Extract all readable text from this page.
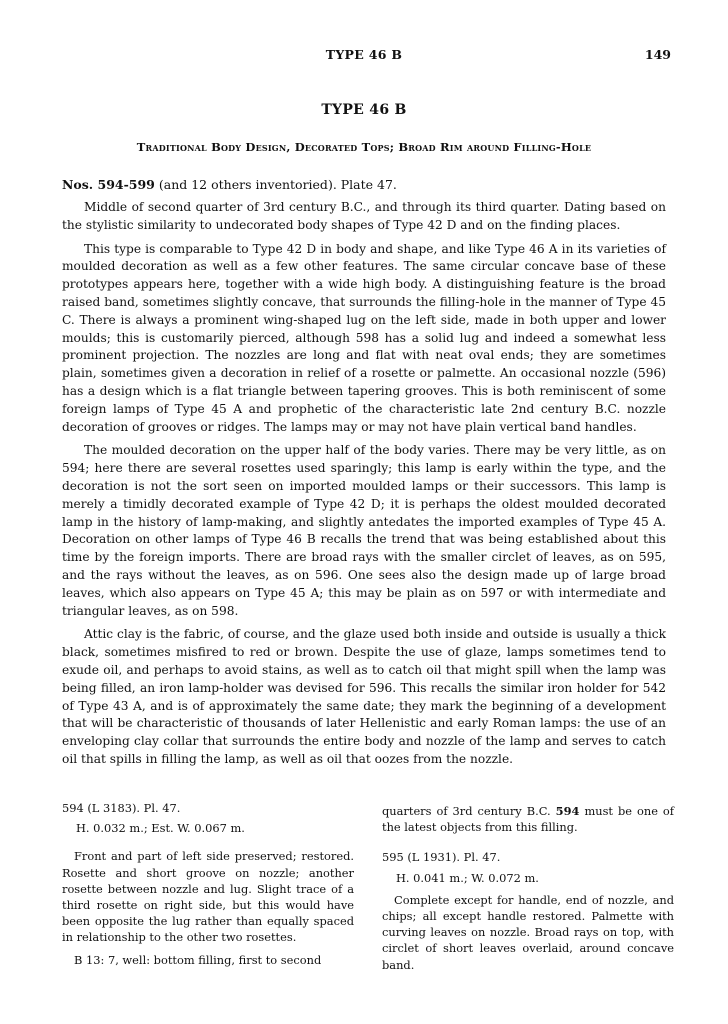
TYPE 46 B	149
TYPE 46 B
Traditional Body Design, Decorated Tops; Broad Rim around Filling-Hole
Nos. 594-599 (and 12 others inventoried). Plate 47.

Middle of second quarter of 3rd century B.C., and through its third quarter. Dating based on the stylistic similarity to undecorated body shapes of Type 42 D and on the finding places.

This type is comparable to Type 42 D in body and shape, and like Type 46 A in its varieties of moulded decoration as well as a few other features. The same circular concave base of these prototypes appears here, together with a wide high body. A distinguishing feature is the broad raised band, sometimes slightly concave, that surrounds the filling-hole in the manner of Type 45 C. There is always a prominent wing-shaped lug on the left side, made in both upper and lower moulds; this is customarily pierced, although 598 has a solid lug and indeed a somewhat less prominent projection. The nozzles are long and flat with neat oval ends; they are sometimes plain, sometimes given a decoration in relief of a rosette or palmette. An occasional nozzle (596) has a design which is a flat triangle between tapering grooves. This is both reminiscent of some foreign lamps of Type 45 A and prophetic of the characteristic late 2nd century B.C. nozzle decoration of grooves or ridges. The lamps may or may not have plain vertical band handles.

The moulded decoration on the upper half of the body varies. There may be very little, as on 594; here there are several rosettes used sparingly; this lamp is early within the type, and the decoration is not the sort seen on imported moulded lamps or their successors. This lamp is merely a timidly decorated example of Type 42 D; it is perhaps the oldest moulded decorated lamp in the history of lamp-making, and slightly antedates the imported examples of Type 45 A. Decoration on other lamps of Type 46 B recalls the trend that was being established about this time by the foreign imports. There are broad rays with the smaller circlet of leaves, as on 595, and the rays without the leaves, as on 596. One sees also the design made up of large broad leaves, which also appears on Type 45 A; this may be plain as on 597 or with intermediate and triangular leaves, as on 598.

Attic clay is the fabric, of course, and the glaze used both inside and outside is usually a thick black, sometimes misfired to red or brown. Despite the use of glaze, lamps sometimes tend to exude oil, and perhaps to avoid stains, as well as to catch oil that might spill when the lamp was being filled, an iron lamp-holder was devised for 596. This recalls the similar iron holder for 542 of Type 43 A, and is of approximately the same date; they mark the beginning of a development that will be characteristic of thousands of later Hellenistic and early Roman lamps: the use of an enveloping clay collar that surrounds the entire body and nozzle of the lamp and serves to catch oil that spills in filling the lamp, as well as oil that oozes from the nozzle.

594 (L 3183). Pl. 47.
H. 0.032 m.; Est. W. 0.067 m.
Front and part of left side preserved; restored. Rosette and short groove on nozzle; another rosette between nozzle and lug. Slight trace of a third rosette on right side, but this would have been opposite the lug rather than equally spaced in relationship to the other two rosettes.
B 13: 7, well: bottom filling, first to second
quarters of 3rd century B.C. 594 must be one of the latest objects from this filling.
595 (L 1931). Pl. 47.
H. 0.041 m.; W. 0.072 m.
Complete except for handle, end of nozzle, and chips; all except handle restored. Palmette with curving leaves on nozzle. Broad rays on top, with circlet of short leaves overlaid, around concave band.
